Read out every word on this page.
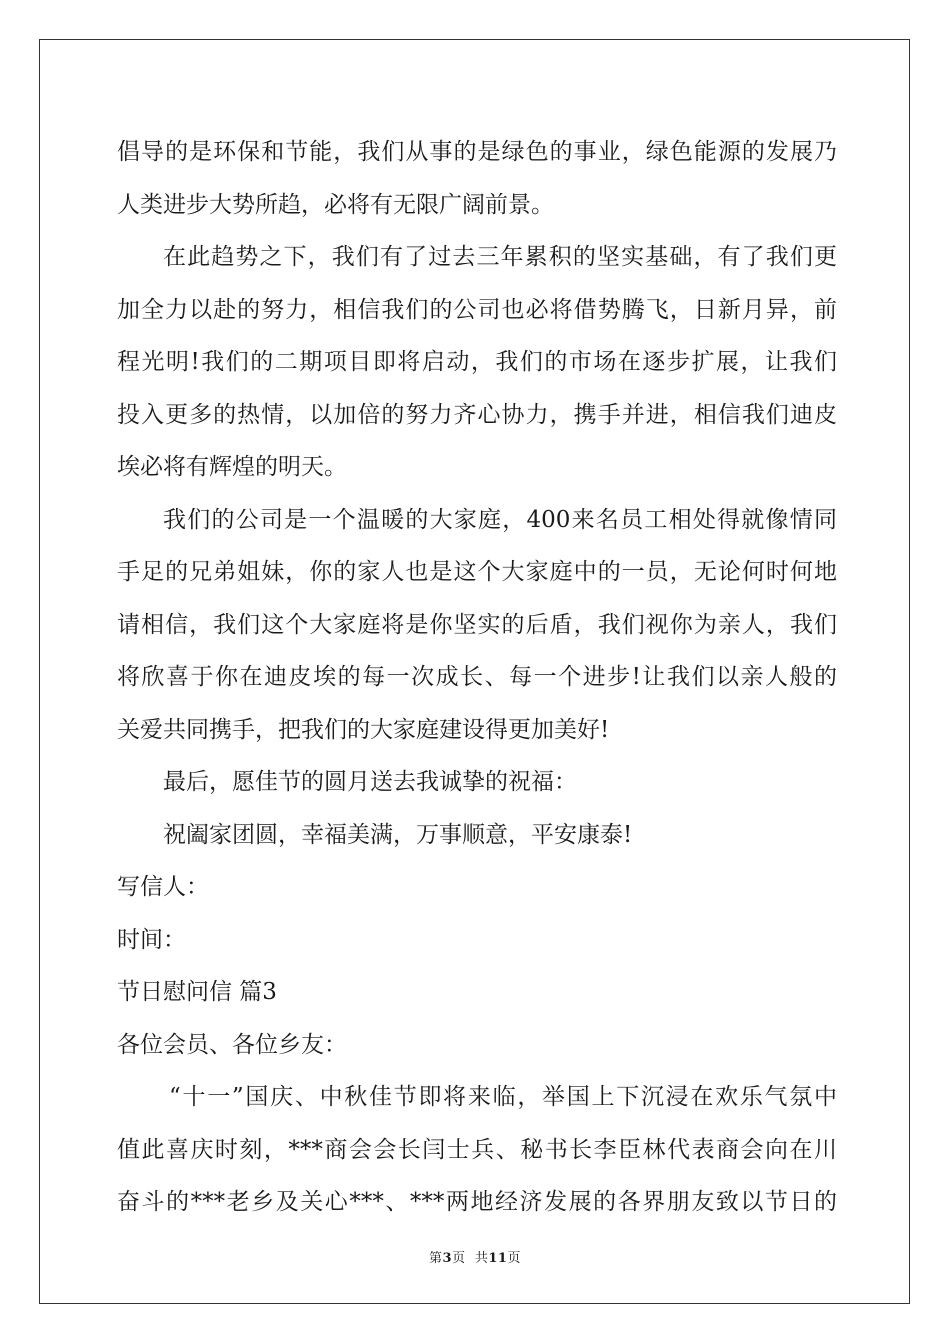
倡导的是环保和节能，我们从事的是绿色的事业，绿色能源的发展乃
人类进步大势所趋，必将有无限广阔前景。
在此趋势之下，我们有了过去三年累积的坚实基础，有了我们更
加全力以赴的努力，相信我们的公司也必将借势腾飞，日新月异，前
程光明!我们的二期项目即将启动，我们的市场在逐步扩展，让我们
投入更多的热情，以加倍的努力齐心协力，携手并进，相信我们迪皮
埃必将有辉煌的明天。
我们的公司是一个温暖的大家庭，400来名员工相处得就像情同
手足的兄弟姐妹，你的家人也是这个大家庭中的一员，无论何时何地
请相信，我们这个大家庭将是你坚实的后盾，我们视你为亲人，我们
将欣喜于你在迪皮埃的每一次成长、每一个进步!让我们以亲人般的
关爱共同携手，把我们的大家庭建设得更加美好!
最后，愿佳节的圆月送去我诚挚的祝福：
祝阖家团圆，幸福美满，万事顺意，平安康泰!
写信人：
时间：
节日慰问信 篇3
各位会员、各位乡友：
“十一”国庆、中秋佳节即将来临，举国上下沉浸在欢乐气氛中
值此喜庆时刻，***商会会长闫士兵、秘书长李臣林代表商会向在川
奋斗的***老乡及关心***、***两地经济发展的各界朋友致以节日的
第3页  共11页
